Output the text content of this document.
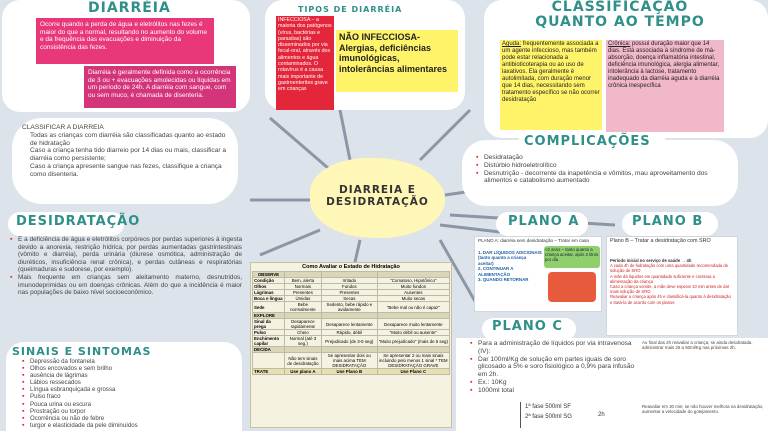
DIARREIA E
DESIDRATAÇÃO
DIARRÉIA
Ocorre quando a perda de água e eletrólitos nas fezes é maior do que a normal, resultando no aumento do volume e da frequência das evacuações e diminuição da consistência das fezes.
Diarréia é geralmente definida como a ocorrência de 3 ou + evacuações amolecidas ou líquidas em um período de 24h. A diarréia com sangue, com ou sem muco, é chamada de disenteria.
TIPOS DE DIARRÉIA
INFECCIOSA – a maioria dos patógenos (vírus, bactérias e parasitas) são disseminados por via fecal-oral, através dos alimentos e água contaminados. O rotavírus é a causa mais importante de gastroenterites grave em crianças
NÃO INFECCIOSA- Alergias, deficiências imunológicas, intolerâncias alimentares
CLASSIFICAÇÃO
QUANTO AO TEMPO
Aguda: frequentemente associada a um agente infeccioso, mas também pode estar relacionada a antibioticoterapia ou ao uso de laxativos. Ela geralmente é autolimitada, com duração menor que 14 dias, necessitando sem tratamento específico se não ocorrer desidratação
Crônica: possui duração maior que 14 dias. Está associada à síndrome de má-absorção, doença inflamatória intestinal, deficiência imunológica, alergia alimentar, intolerância à lactose, tratamento inadequado da diarréia aguda e à diarréia crônica inespecífica
CLASSIFICAR A DIARRÉIA
Todas as crianças com diarréia são classificadas quanto ao estado de hidratação
Caso a criança tenha tido diarreio por 14 dias ou mais, classificar a diarréia como persistente;
Caso a criança apresente sangue nas fezes, classifique a criança como disenteria.
COMPLICAÇÕES
▪ Desidratação
▪ Distúrbio hidroeletrolítico
▪ Desnutrição - decorrente da inapetência e vômitos, mau aproveitamento dos alimentos e catabolismo aumentado
DESIDRATAÇÃO
▪ É a deficiência de água e eletrólitos corpóreos por perdas superiores à ingesta devido a anorexia, restrição hídrica, por perdas aumentadas gastrintestinais (vômito e diarréia), perda urinária (diurese osmótica, administração de diuréticos, insuficiência renal crônica), e perdas cutâneas e respiratórias (queimaduras e sudorese, por exemplo).
▪ Mais frequente em crianças sem aleitamento materno, desnutridos, imunodeprimidas ou em doenças crônicas. Além do que a incidência é maior nas populações de baixo nível socioeconômico.
SINAIS E SINTOMAS
▪ Depressão da fontanela
▪ Olhos encovados e sem brilho
▪ ausência de lágrimas
▪ Lábios ressecados
▪ Língua esbranquiçada e grossa
▪ Pulso fraco
▪ Pouca urina ou escura
▪ Prostração ou torpor
▪ Ocorrência ou não de febre
▪ turgor e elasticidade da pele diminuídos
Como Avaliar o Estado de Hidratação
OBSERVE			
Condição	Bem, alerta	Irritado	"Comatoso, Hipotônico"
Olhos	Normais	Fundos	Muito fundos
Lágrimas	Presentes	Presentes	Ausentes
Boca e língua	Úmidas	Secas	Muito secas
Sede	Bebe normalmente	Sedento, bebe rápido e avidamente	"Bebe mal ou não é capaz"
EXPLORE			
Sinal da prega	Desaparece rapidamente	Desaparece lentamente	Desaparece muito lentamente
Pulso	Cheio	Rápido, débil	"Muito débil ou ausente"
Enchimento capilar	Normal (até 3 seg.)	Prejudicado (de 3-5 seg)	"Muito prejudicado" (mais de 5 seg)
DECIDA			
	Não tem sinais de desidratação	Se apresentar dois ou mais acima TEM DESIDRATAÇÃO	Se apresentar 2 ou mais sinais incluindo pelo menos 1 sinal * TEM DESIDRATAÇÃO GRAVE
TRATE	Use plano A	Use Plano B	Use Plano C
PLANO A
PLANO A: diarréia sem desidratação – Tratar em casa
1. DAR LÍQUIDOS ADICIONAIS (tanto quanto a criança aceitar)
2. CONTINUAR A ALIMENTAÇÃO
3. QUANDO RETORNAR
<2 anos – tanto quanto a criança aceitar, após 2 litros por dia
PLANO B
Plano B – Tratar a desidratação com SRO
Período inicial no serviço de saúde → 4h
A cada 4h de hidratação com uma quantidade recomendada de solução de SRO
A mãe dá líquidos em quantidade suficiente e continua a alimentação da criança
Caso a criança vomite, a mãe deve esperar 10 min antes de dar mais solução de SRO
Reavaliar a criança após 4h e classificá-la quanto à desidratação e tratá-la de acordo com os planos
PLANO C
▪ Para a administração de líquidos por via intravenosa (IV):
▪ Dar 100ml/Kg de solução em partes iguais de soro glicosado a 5% e soro fisiológico a 0,9% para infusão em 2h.
▪ Ex.: 10Kg
▪ 1000ml total
1ª fase 500ml SF
2ª fase 500ml SG	2h
Ao final das 2h reavaliar a criança; se ainda desidratada, administrar mais 25 a 50ml/Kg nas próximas 2h.
Reavaliar em 30 min; se não houver melhora na desidratação, aumentar a velocidade do gotejamento.
